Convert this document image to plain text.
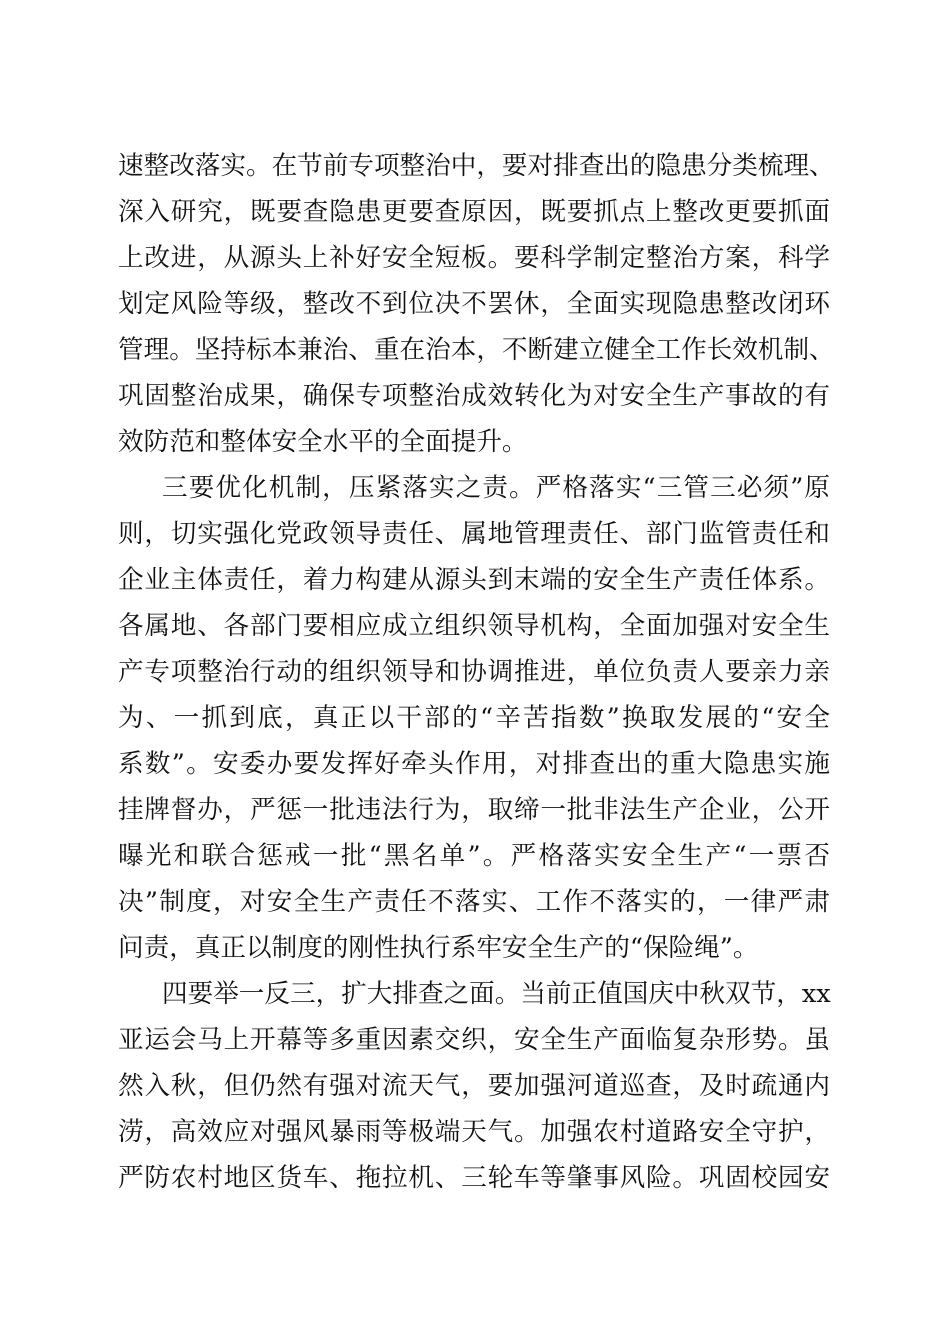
速整改落实。在节前专项整治中，要对排查出的隐患分类梳理、
深入研究，既要查隐患更要查原因，既要抓点上整改更要抓面
上改进，从源头上补好安全短板。要科学制定整治方案，科学
划定风险等级，整改不到位决不罢休，全面实现隐患整改闭环
管理。坚持标本兼治、重在治本，不断建立健全工作长效机制、
巩固整治成果，确保专项整治成效转化为对安全生产事故的有
效防范和整体安全水平的全面提升。
三要优化机制，压紧落实之责。严格落实“三管三必须”原
则，切实强化党政领导责任、属地管理责任、部门监管责任和
企业主体责任，着力构建从源头到末端的安全生产责任体系。
各属地、各部门要相应成立组织领导机构，全面加强对安全生
产专项整治行动的组织领导和协调推进，单位负责人要亲力亲
为、一抓到底，真正以干部的“辛苦指数”换取发展的“安全
系数”。安委办要发挥好牵头作用，对排查出的重大隐患实施
挂牌督办，严惩一批违法行为，取缔一批非法生产企业，公开
曝光和联合惩戒一批“黑名单”。严格落实安全生产“一票否
决”制度，对安全生产责任不落实、工作不落实的，一律严肃
问责，真正以制度的刚性执行系牢安全生产的“保险绳”。
四要举一反三，扩大排查之面。当前正值国庆中秋双节，xx
亚运会马上开幕等多重因素交织，安全生产面临复杂形势。虽
然入秋，但仍然有强对流天气，要加强河道巡查，及时疏通内
涝，高效应对强风暴雨等极端天气。加强农村道路安全守护，
严防农村地区货车、拖拉机、三轮车等肇事风险。巩固校园安
